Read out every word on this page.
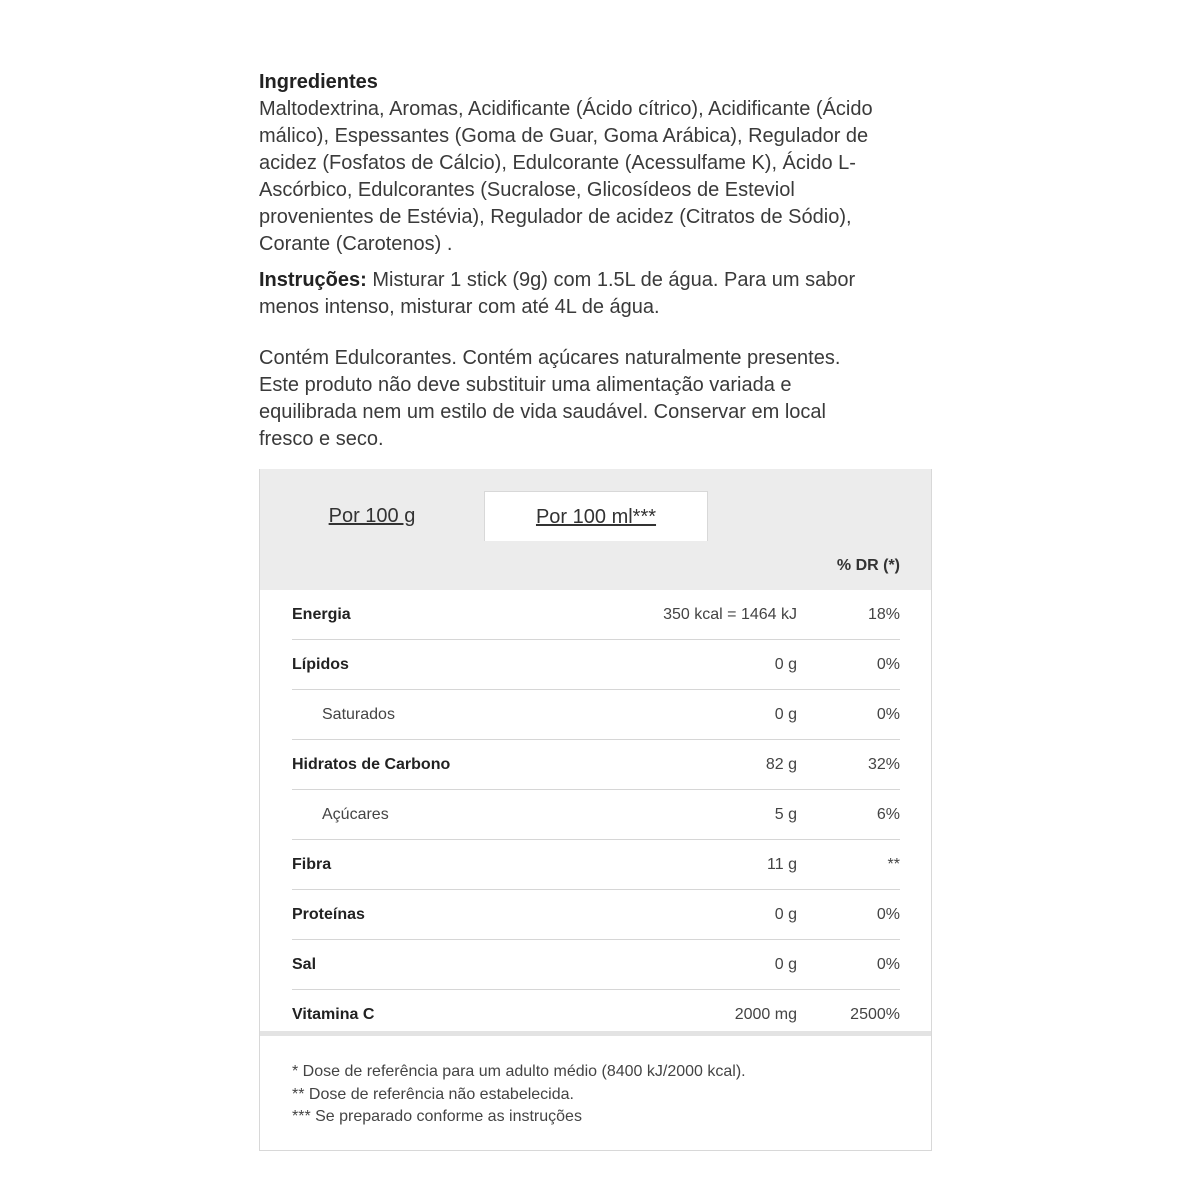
Ingredientes
Maltodextrina, Aromas, Acidificante (Ácido cítrico), Acidificante (Ácido
málico), Espessantes (Goma de Guar, Goma Arábica), Regulador de
acidez (Fosfatos de Cálcio), Edulcorante (Acessulfame K), Ácido L-
Ascórbico, Edulcorantes (Sucralose, Glicosídeos de Esteviol
provenientes de Estévia), Regulador de acidez (Citratos de Sódio),
Corante (Carotenos) .
Instruções: Misturar 1 stick (9g) com 1.5L de água. Para um sabor
menos intenso, misturar com até 4L de água.
Contém Edulcorantes. Contém açúcares naturalmente presentes.
Este produto não deve substituir uma alimentação variada e
equilibrada nem um estilo de vida saudável. Conservar em local
fresco e seco.
Por 100 g	Por 100 ml***
% DR (*)
Energia	350 kcal = 1464 kJ	18%
Lípidos	0 g	0%
Saturados	0 g	0%
Hidratos de Carbono	82 g	32%
Açúcares	5 g	6%
Fibra	11 g	**
Proteínas	0 g	0%
Sal	0 g	0%
Vitamina C	2000 mg	2500%
* Dose de referência para um adulto médio (8400 kJ/2000 kcal).
** Dose de referência não estabelecida.
*** Se preparado conforme as instruções
